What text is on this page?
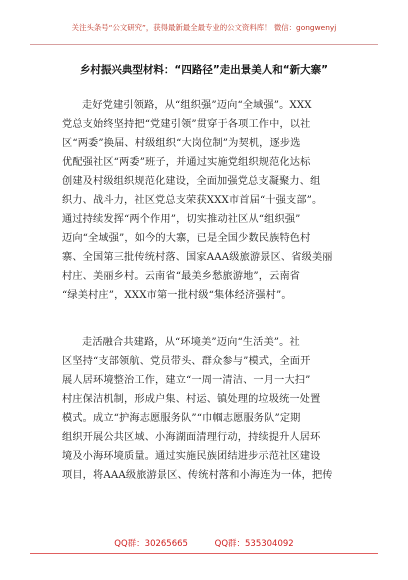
关注头条号“公文研究”，获得最新最全最专业的公文资料库！ 微信：gongwenyj
乡村振兴典型材料：“四路径”走出景美人和“新大寨”
走好党建引领路，从“组织强”迈向“全域强”。XXX
党总支始终坚持把“党建引领”贯穿于各项工作中，以社
区“两委”换届、村级组织“大岗位制”为契机，逐步选
优配强社区“两委”班子，并通过实施党组织规范化达标
创建及村级组织规范化建设，全面加强党总支凝聚力、组
织力、战斗力，社区党总支荣获XXX市首届“十强支部”。
通过持续发挥“两个作用”，切实推动社区从“组织强”
迈向“全域强”，如今的大寨，已是全国少数民族特色村
寨、全国第三批传统村落、国家AAA级旅游景区、省级美丽
村庄、美丽乡村。云南省“最美乡愁旅游地”，云南省
“绿美村庄”，XXX市第一批村级“集体经济强村”。
走活融合共建路，从“环境美”迈向“生活美”。社
区坚持“支部领航、党员带头、群众参与”模式，全面开
展人居环境整治工作，建立“一周一清洁、一月一大扫”
村庄保洁机制，形成户集、村运、镇处理的垃圾统一处置
模式。成立“护海志愿服务队”“巾帼志愿服务队”定期
组织开展公共区域、小海湖面清理行动，持续提升人居环
境及小海环境质量。通过实施民族团结进步示范社区建设
项目，将AAA级旅游景区、传统村落和小海连为一体，把传
QQ群：30265665	QQ群：535304092
